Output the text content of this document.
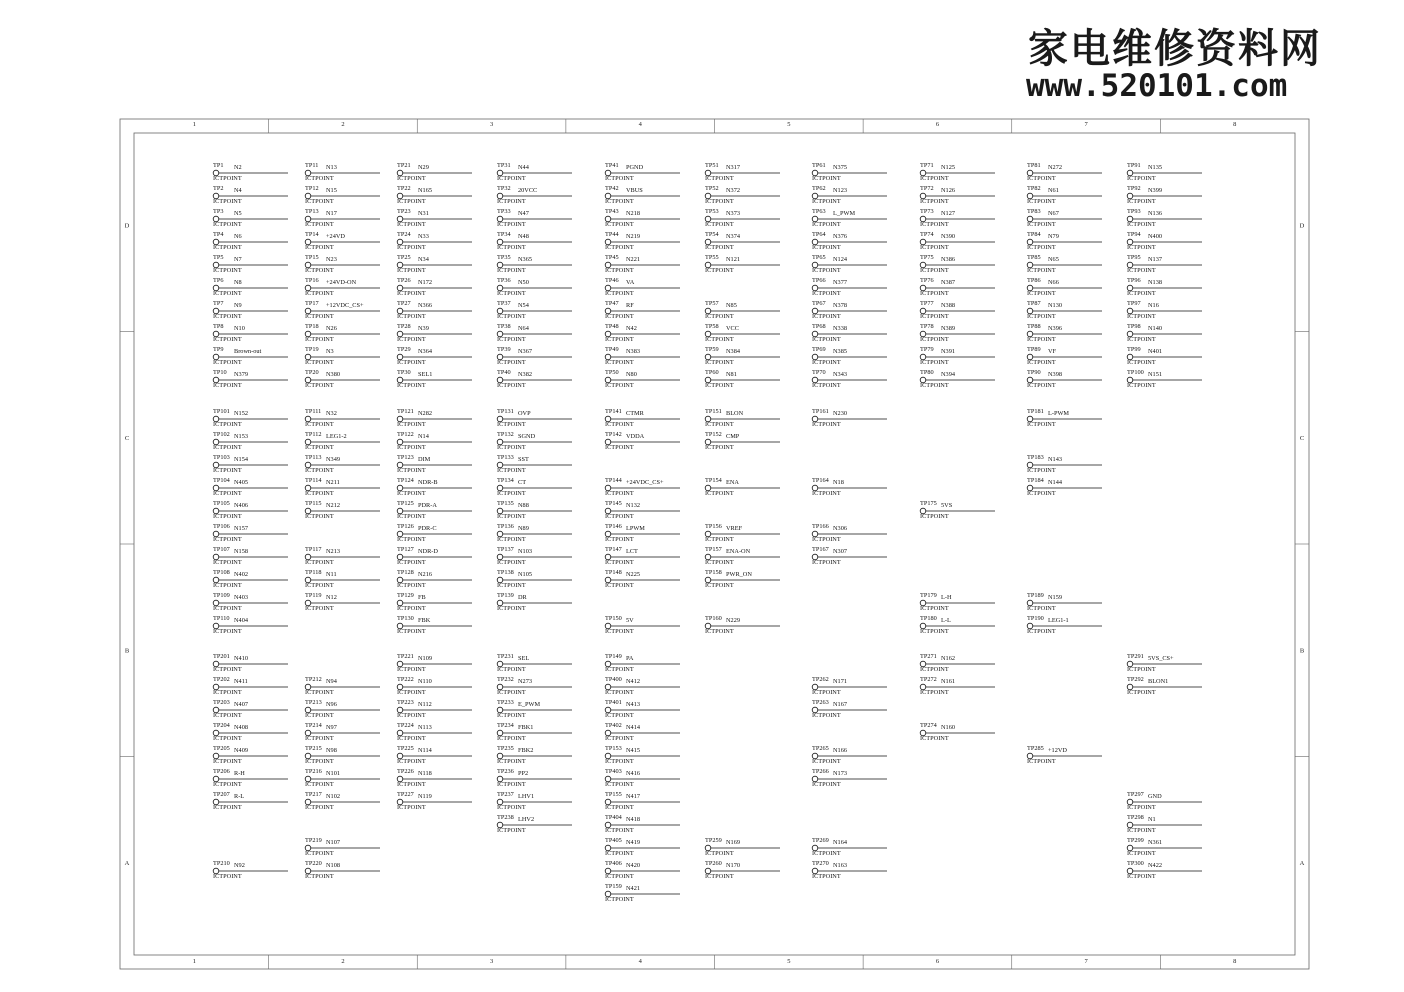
家电维修资料网
www.520101.com
1
1
2
2
3
3
4
4
5
5
6
6
7
7
8
8
D	D
C	C
B	B
A	A
TP1 N2
ICTPOINT
TP2 N4
ICTPOINT
TP3 N5
ICTPOINT
TP4 N6
ICTPOINT
TP5 N7
ICTPOINT
TP6 N8
ICTPOINT
TP7 N9
ICTPOINT
TP8 N10
ICTPOINT
TP9 Brown-out
ICTPOINT
TP10 N379
ICTPOINT
TP11 N13
ICTPOINT
TP12 N15
ICTPOINT
TP13 N17
ICTPOINT
TP14 +24VD
ICTPOINT
TP15 N23
ICTPOINT
TP16 +24VD-ON
ICTPOINT
TP17 +12VDC_CS+
ICTPOINT
TP18 N26
ICTPOINT
TP19 N3
ICTPOINT
TP20 N380
ICTPOINT
TP21 N29
ICTPOINT
TP22 N165
ICTPOINT
TP23 N31
ICTPOINT
TP24 N33
ICTPOINT
TP25 N34
ICTPOINT
TP26 N172
ICTPOINT
TP27 N366
ICTPOINT
TP28 N39
ICTPOINT
TP29 N364
ICTPOINT
TP30 SEL1
ICTPOINT
TP31 N44
ICTPOINT
TP32 20VCC
ICTPOINT
TP33 N47
ICTPOINT
TP34 N48
ICTPOINT
TP35 N365
ICTPOINT
TP36 N50
ICTPOINT
TP37 N54
ICTPOINT
TP38 N64
ICTPOINT
TP39 N367
ICTPOINT
TP40 N382
ICTPOINT
TP41 PGND
ICTPOINT
TP42 VBUS
ICTPOINT
TP43 N218
ICTPOINT
TP44 N219
ICTPOINT
TP45 N221
ICTPOINT
TP46 VA
ICTPOINT
TP47 RF
ICTPOINT
TP48 N42
ICTPOINT
TP49 N383
ICTPOINT
TP50 N80
ICTPOINT
TP51 N317
ICTPOINT
TP52 N372
ICTPOINT
TP53 N373
ICTPOINT
TP54 N374
ICTPOINT
TP55 N121
ICTPOINT
TP57 N85
ICTPOINT
TP58 VCC
ICTPOINT
TP59 N384
ICTPOINT
TP60 N81
ICTPOINT
TP61 N375
ICTPOINT
TP62 N123
ICTPOINT
TP63 L_PWM
ICTPOINT
TP64 N376
ICTPOINT
TP65 N124
ICTPOINT
TP66 N377
ICTPOINT
TP67 N378
ICTPOINT
TP68 N338
ICTPOINT
TP69 N385
ICTPOINT
TP70 N343
ICTPOINT
TP71 N125
ICTPOINT
TP72 N126
ICTPOINT
TP73 N127
ICTPOINT
TP74 N390
ICTPOINT
TP75 N386
ICTPOINT
TP76 N387
ICTPOINT
TP77 N388
ICTPOINT
TP78 N389
ICTPOINT
TP79 N391
ICTPOINT
TP80 N394
ICTPOINT
TP81 N272
ICTPOINT
TP82 N61
ICTPOINT
TP83 N67
ICTPOINT
TP84 N79
ICTPOINT
TP85 N65
ICTPOINT
TP86 N66
ICTPOINT
TP87 N130
ICTPOINT
TP88 N396
ICTPOINT
TP89 VF
ICTPOINT
TP90 N398
ICTPOINT
TP91 N135
ICTPOINT
TP92 N399
ICTPOINT
TP93 N136
ICTPOINT
TP94 N400
ICTPOINT
TP95 N137
ICTPOINT
TP96 N138
ICTPOINT
TP97 N16
ICTPOINT
TP98 N140
ICTPOINT
TP99 N401
ICTPOINT
TP100 N151
ICTPOINT
TP101 N152
ICTPOINT
TP102 N153
ICTPOINT
TP103 N154
ICTPOINT
TP104 N405
ICTPOINT
TP105 N406
ICTPOINT
TP106 N157
ICTPOINT
TP107 N158
ICTPOINT
TP108 N402
ICTPOINT
TP109 N403
ICTPOINT
TP110 N404
ICTPOINT
TP111 N32
ICTPOINT
TP112 LEG1-2
ICTPOINT
TP113 N349
ICTPOINT
TP114 N211
ICTPOINT
TP115 N212
ICTPOINT
TP117 N213
ICTPOINT
TP118 N11
ICTPOINT
TP119 N12
ICTPOINT
TP121 N282
ICTPOINT
TP122 N14
ICTPOINT
TP123 DIM
ICTPOINT
TP124 NDR-B
ICTPOINT
TP125 PDR-A
ICTPOINT
TP126 PDR-C
ICTPOINT
TP127 NDR-D
ICTPOINT
TP128 N216
ICTPOINT
TP129 FB
ICTPOINT
TP130 FBK
ICTPOINT
TP131 OVP
ICTPOINT
TP132 SGND
ICTPOINT
TP133 SST
ICTPOINT
TP134 CT
ICTPOINT
TP135 N88
ICTPOINT
TP136 N89
ICTPOINT
TP137 N103
ICTPOINT
TP138 N105
ICTPOINT
TP139 DR
ICTPOINT
TP141 CTMR
ICTPOINT
TP142 VDDA
ICTPOINT
TP144 +24VDC_CS+
ICTPOINT
TP145 N132
ICTPOINT
TP146 LPWM
ICTPOINT
TP147 LCT
ICTPOINT
TP148 N225
ICTPOINT
TP150 5V
ICTPOINT
TP151 BLON
ICTPOINT
TP152 CMP
ICTPOINT
TP154 ENA
ICTPOINT
TP156 VREF
ICTPOINT
TP157 ENA-ON
ICTPOINT
TP158 PWR_ON
ICTPOINT
TP160 N229
ICTPOINT
TP161 N230
ICTPOINT
TP164 N18
ICTPOINT
TP166 N306
ICTPOINT
TP167 N307
ICTPOINT
TP175 5VS
ICTPOINT
TP179 L-H
ICTPOINT
TP180 L-L
ICTPOINT
TP181 L-PWM
ICTPOINT
TP183 N143
ICTPOINT
TP184 N144
ICTPOINT
TP189 N159
ICTPOINT
TP190 LEG1-1
ICTPOINT
TP201 N410
ICTPOINT
TP202 N411
ICTPOINT
TP203 N407
ICTPOINT
TP204 N408
ICTPOINT
TP205 N409
ICTPOINT
TP206 R-H
ICTPOINT
TP207 R-L
ICTPOINT
TP210 N92
ICTPOINT
TP212 N94
ICTPOINT
TP213 N96
ICTPOINT
TP214 N97
ICTPOINT
TP215 N98
ICTPOINT
TP216 N101
ICTPOINT
TP217 N102
ICTPOINT
TP219 N107
ICTPOINT
TP220 N108
ICTPOINT
TP221 N109
ICTPOINT
TP222 N110
ICTPOINT
TP223 N112
ICTPOINT
TP224 N113
ICTPOINT
TP225 N114
ICTPOINT
TP226 N118
ICTPOINT
TP227 N119
ICTPOINT
TP231 SEL
ICTPOINT
TP232 N273
ICTPOINT
TP233 E_PWM
ICTPOINT
TP234 FBK1
ICTPOINT
TP235 FBK2
ICTPOINT
TP236 PP2
ICTPOINT
TP237 LHV1
ICTPOINT
TP238 LHV2
ICTPOINT
TP149 PA
ICTPOINT
TP400 N412
ICTPOINT
TP401 N413
ICTPOINT
TP402 N414
ICTPOINT
TP153 N415
ICTPOINT
TP403 N416
ICTPOINT
TP155 N417
ICTPOINT
TP404 N418
ICTPOINT
TP405 N419
ICTPOINT
TP406 N420
ICTPOINT
TP159 N421
ICTPOINT
TP259 N169
ICTPOINT
TP260 N170
ICTPOINT
TP262 N171
ICTPOINT
TP263 N167
ICTPOINT
TP265 N166
ICTPOINT
TP266 N173
ICTPOINT
TP269 N164
ICTPOINT
TP270 N163
ICTPOINT
TP271 N162
ICTPOINT
TP272 N161
ICTPOINT
TP274 N160
ICTPOINT
TP285 +12VD
ICTPOINT
TP291 5VS_CS+
ICTPOINT
TP292 BLON1
ICTPOINT
TP297 GND
ICTPOINT
TP298 N1
ICTPOINT
TP299 N361
ICTPOINT
TP300 N422
ICTPOINT
